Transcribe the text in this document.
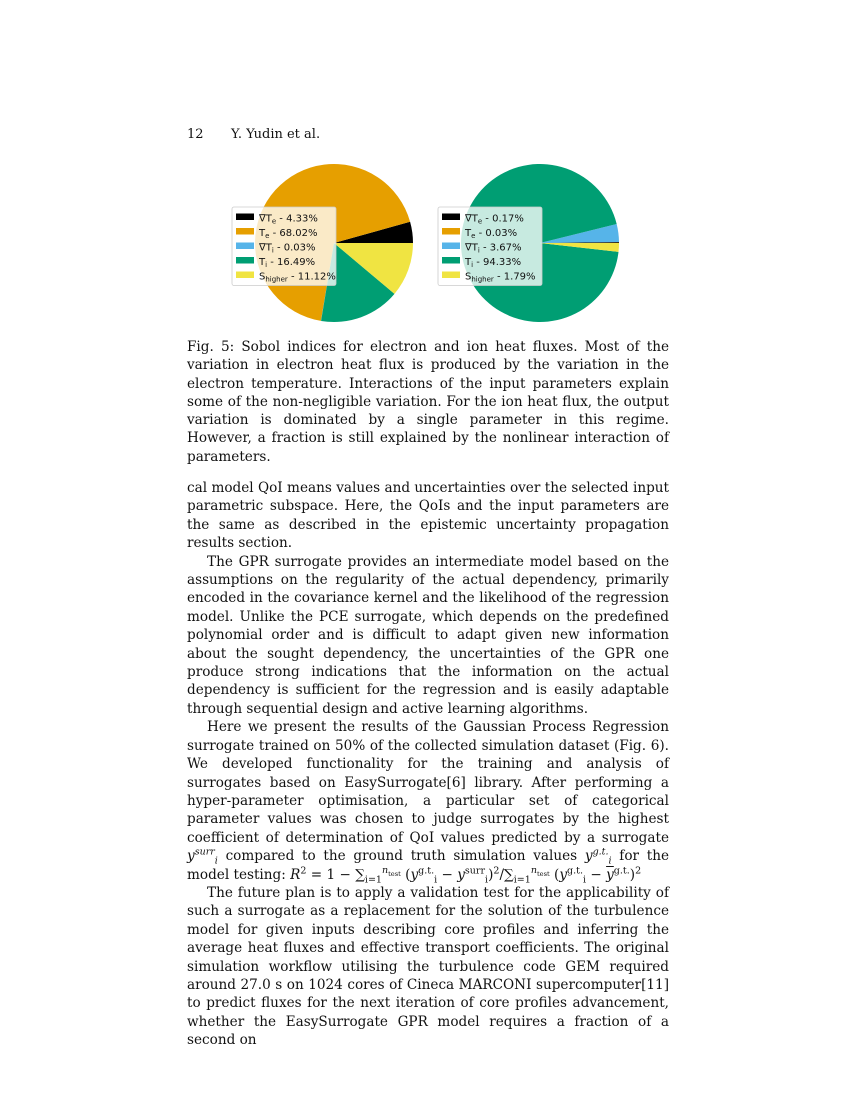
12 Y. Yudin et al.
$\nabla T_e - 4.33\%$
$T_e - 68.02\%$
$\nabla T_i - 0.03\%$
$T_i - 16.49\%$
$S_{higher} - 11.12\%$
$\nabla T_e - 0.17\%$
$T_e - 0.03\%$
$\nabla T_i - 3.67\%$
$T_i - 94.33\%$
$S_{higher} - 1.79\%$
Fig. 5: Sobol indices for electron and ion heat fluxes. Most of the variation in electron heat flux is produced by the variation in the electron temperature. Interactions of the input parameters explain some of the non-negligible variation. For the ion heat flux, the output variation is dominated by a single parameter in this regime. However, a fraction is still explained by the nonlinear interaction of parameters.

cal model QoI means values and uncertainties over the selected input parametric subspace. Here, the QoIs and the input parameters are the same as described in the epistemic uncertainty propagation results section.

The GPR surrogate provides an intermediate model based on the assumptions on the regularity of the actual dependency, primarily encoded in the covariance kernel and the likelihood of the regression model. Unlike the PCE surrogate, which depends on the predefined polynomial order and is difficult to adapt given new information about the sought dependency, the uncertainties of the GPR one produce strong indications that the information on the actual dependency is sufficient for the regression and is easily adaptable through sequential design and active learning algorithms.

Here we present the results of the Gaussian Process Regression surrogate trained on 50% of the collected simulation dataset (Fig. 6). We developed functionality for the training and analysis of surrogates based on EasySurrogate[6] library. After performing a hyper-parameter optimisation, a particular set of categorical parameter values was chosen to judge surrogates by the highest coefficient of determination of QoI values predicted by a surrogate $y^{surr}_i$ compared to the ground truth simulation values $y^{g.t.}_i$ for the model testing: $R^2 = 1 - \sum_{i=1}^{n_{test}}$ $(y^{g.t.}_i - y^{surr}_i)^2/\sum_{i=1}^{n_{test}}$ $(y^{g.t.}_i - \overline{y}^{g.t.})^2$

The future plan is to apply a validation test for the applicability of such a surrogate as a replacement for the solution of the turbulence model for given inputs describing core profiles and inferring the average heat fluxes and effective transport coefficients. The original simulation workflow utilising the turbulence code GEM required around 27.0 s on 1024 cores of Cineca MARCONI supercomputer[11] to predict fluxes for the next iteration of core profiles advancement, whether the EasySurrogate GPR model requires a fraction of a second on
